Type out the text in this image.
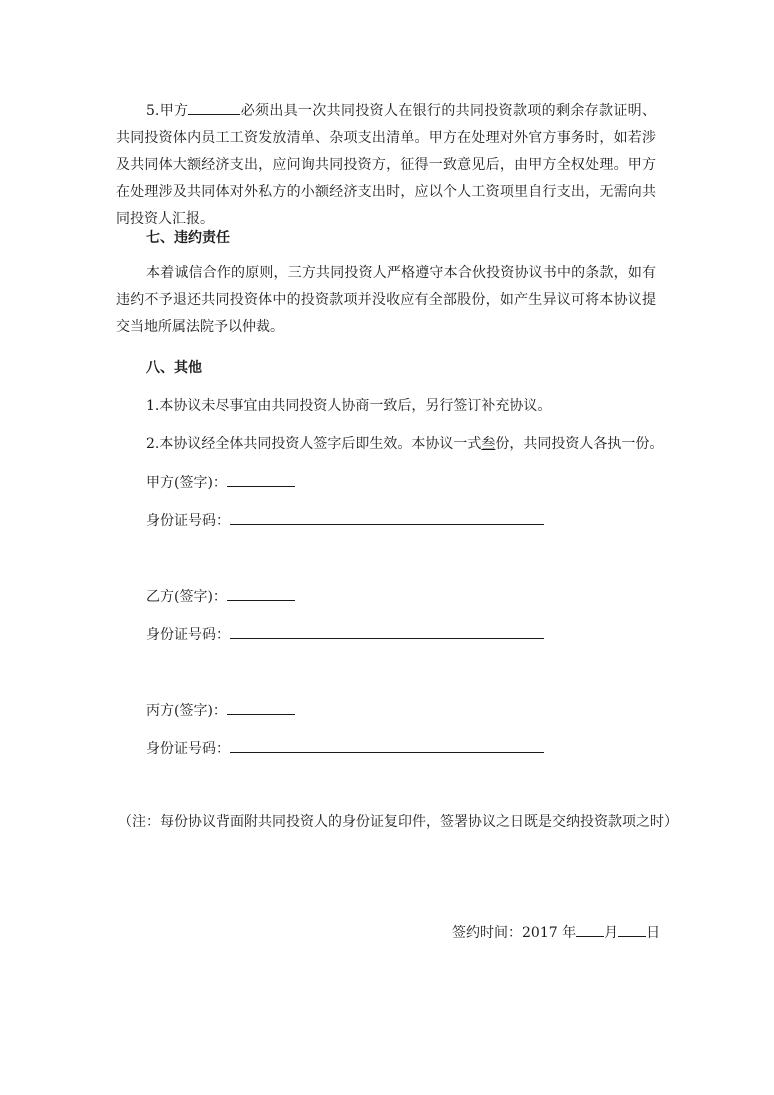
5.甲方	必须出具一次共同投资人在银行的共同投资款项的剩余存款证明、共同投资体内员工工资发放清单、杂项支出清单。甲方在处理对外官方事务时，如若涉及共同体大额经济支出，应问询共同投资方，征得一致意见后，由甲方全权处理。甲方在处理涉及共同体对外私方的小额经济支出时，应以个人工资项里自行支出，无需向共同投资人汇报。

七、违约责任

本着诚信合作的原则，三方共同投资人严格遵守本合伙投资协议书中的条款，如有违约不予退还共同投资体中的投资款项并没收应有全部股份，如产生异议可将本协议提交当地所属法院予以仲裁。

八、其他

1.本协议未尽事宜由共同投资人协商一致后，另行签订补充协议。

2.本协议经全体共同投资人签字后即生效。本协议一式叁份，共同投资人各执一份。

甲方(签字)：

身份证号码：

乙方(签字)：

身份证号码：

丙方(签字)：

身份证号码：

（注：每份协议背面附共同投资人的身份证复印件，签署协议之日既是交纳投资款项之时）

签约时间：2017 年 月 日
